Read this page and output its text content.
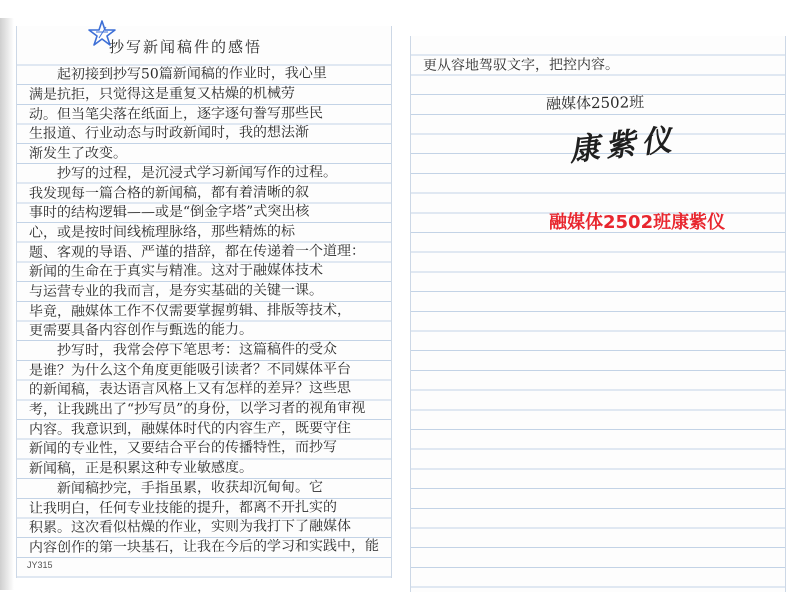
抄写新闻稿件的感悟
起初接到抄写50篇新闻稿的作业时，我心里
满是抗拒，只觉得这是重复又枯燥的机械劳
动。但当笔尖落在纸面上，逐字逐句誊写那些民
生报道、行业动态与时政新闻时，我的想法渐
渐发生了改变。
抄写的过程，是沉浸式学习新闻写作的过程。
我发现每一篇合格的新闻稿，都有着清晰的叙
事时的结构逻辑——或是“倒金字塔”式突出核
心，或是按时间线梳理脉络，那些精炼的标
题、客观的导语、严谨的措辞，都在传递着一个道理：
新闻的生命在于真实与精准。这对于融媒体技术
与运营专业的我而言，是夯实基础的关键一课。
毕竟，融媒体工作不仅需要掌握剪辑、排版等技术，
更需要具备内容创作与甄选的能力。
抄写时，我常会停下笔思考：这篇稿件的受众
是谁？为什么这个角度更能吸引读者？不同媒体平台
的新闻稿，表达语言风格上又有怎样的差异？这些思
考，让我跳出了“抄写员”的身份，以学习者的视角审视
内容。我意识到，融媒体时代的内容生产，既要守住
新闻的专业性，又要结合平台的传播特性，而抄写
新闻稿，正是积累这种专业敏感度。
新闻稿抄完，手指虽累，收获却沉甸甸。它
让我明白，任何专业技能的提升，都离不开扎实的
积累。这次看似枯燥的作业，实则为我打下了融媒体
内容创作的第一块基石，让我在今后的学习和实践中，能
JY315
更从容地驾驭文字，把控内容。
融媒体2502班
康紫仪
融媒体2502班康紫仪
